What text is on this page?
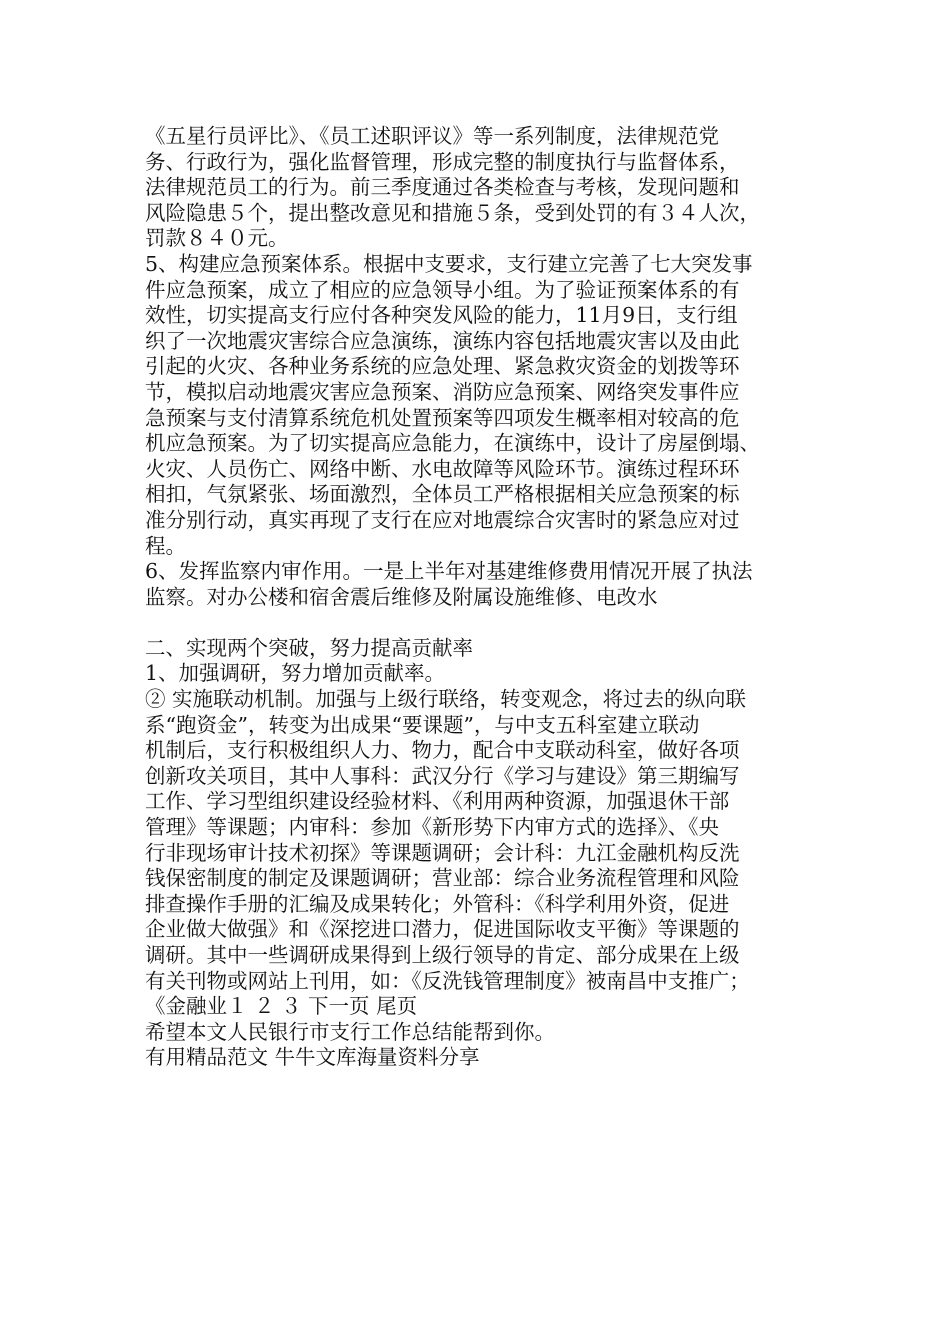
《五星行员评比》、《员工述职评议》等一系列制度，法律规范党
务、行政行为，强化监督管理，形成完整的制度执行与监督体系，
法律规范员工的行为。前三季度通过各类检查与考核，发现问题和
风险隐患５个，提出整改意见和措施５条，受到处罚的有３４人次，
罚款８４０元。
5、构建应急预案体系。根据中支要求，支行建立完善了七大突发事
件应急预案，成立了相应的应急领导小组。为了验证预案体系的有
效性，切实提高支行应付各种突发风险的能力，11月9日，支行组
织了一次地震灾害综合应急演练，演练内容包括地震灾害以及由此
引起的火灾、各种业务系统的应急处理、紧急救灾资金的划拨等环
节，模拟启动地震灾害应急预案、消防应急预案、网络突发事件应
急预案与支付清算系统危机处置预案等四项发生概率相对较高的危
机应急预案。为了切实提高应急能力，在演练中，设计了房屋倒塌、
火灾、人员伤亡、网络中断、水电故障等风险环节。演练过程环环
相扣，气氛紧张、场面激烈，全体员工严格根据相关应急预案的标
准分别行动，真实再现了支行在应对地震综合灾害时的紧急应对过
程。
6、发挥监察内审作用。一是上半年对基建维修费用情况开展了执法
监察。对办公楼和宿舍震后维修及附属设施维修、电改水
二、实现两个突破，努力提高贡献率
1、加强调研，努力增加贡献率。
② 实施联动机制。加强与上级行联络，转变观念，将过去的纵向联
系“跑资金”，转变为出成果“要课题”，与中支五科室建立联动
机制后，支行积极组织人力、物力，配合中支联动科室，做好各项
创新攻关项目，其中人事科：武汉分行《学习与建设》第三期编写
工作、学习型组织建设经验材料、《利用两种资源，加强退休干部
管理》等课题；内审科：参加《新形势下内审方式的选择》、《央
行非现场审计技术初探》等课题调研；会计科：九江金融机构反洗
钱保密制度的制定及课题调研；营业部：综合业务流程管理和风险
排查操作手册的汇编及成果转化；外管科：《科学利用外资，促进
企业做大做强》和《深挖进口潜力，促进国际收支平衡》等课题的
调研。其中一些调研成果得到上级行领导的肯定、部分成果在上级
有关刊物或网站上刊用，如：《反洗钱管理制度》被南昌中支推广；
《金融业１ ２ ３ 下一页 尾页
希望本文人民银行市支行工作总结能帮到你。
有用精品范文 牛牛文库海量资料分享
